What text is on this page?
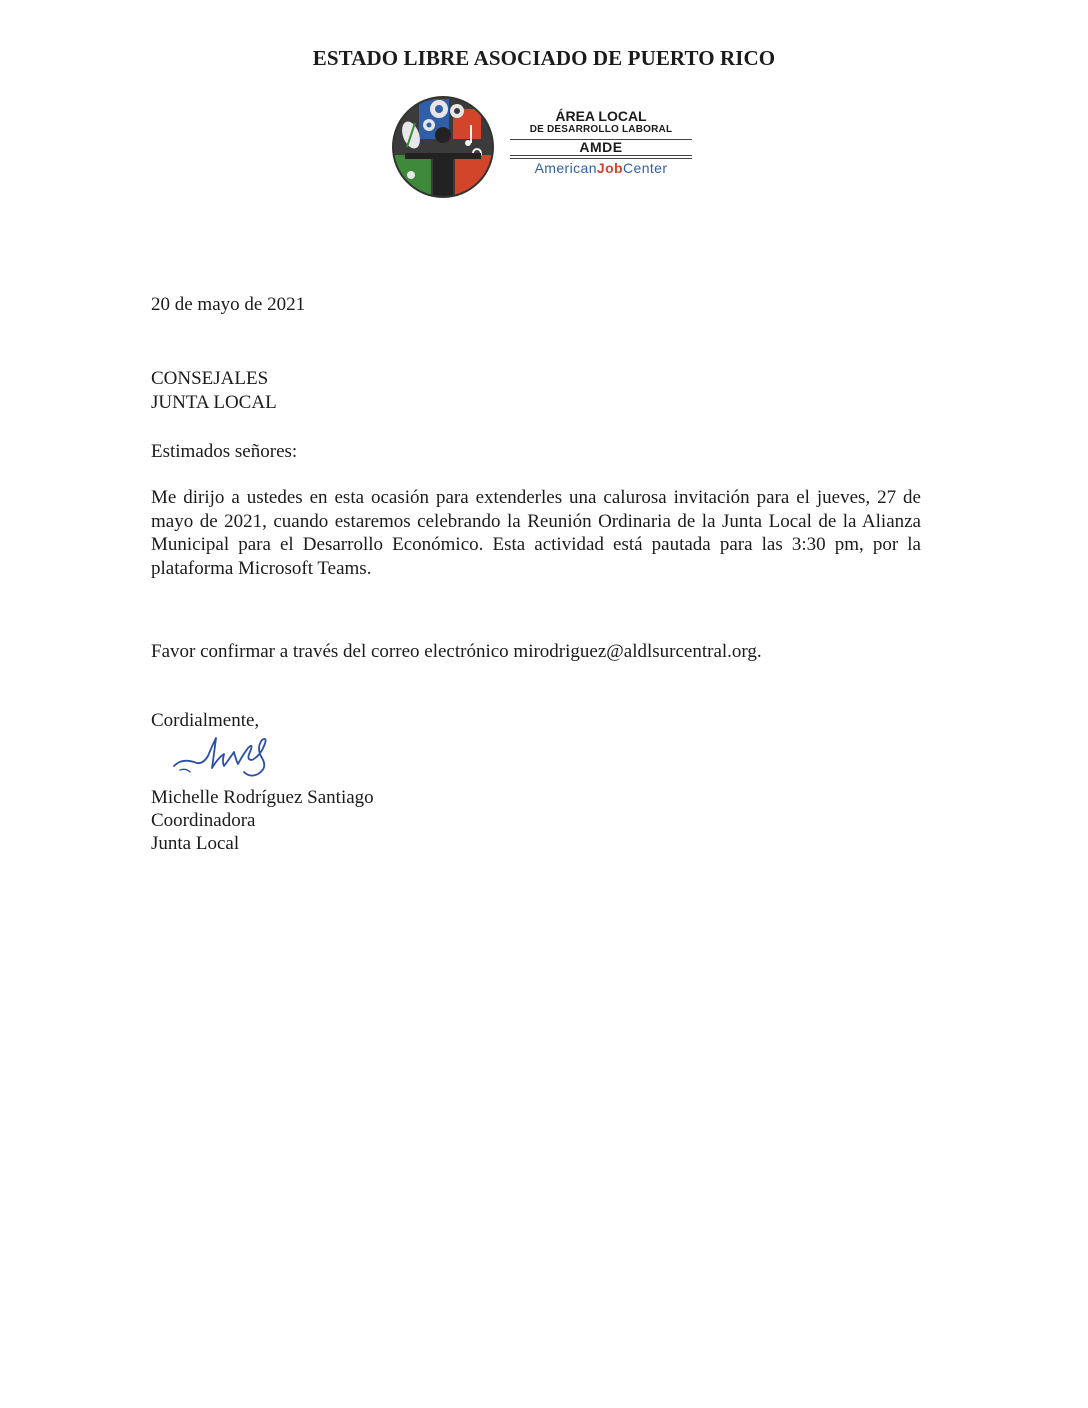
ESTADO LIBRE ASOCIADO DE PUERTO RICO
ÁREA LOCAL
DE DESARROLLO LABORAL
AMDE
AmericanJobCenter

20 de mayo de 2021

CONSEJALES

JUNTA LOCAL

Estimados señores:

Me dirijo a ustedes en esta ocasión para extenderles una calurosa invitación para el jueves, 27 de mayo de 2021, cuando estaremos celebrando la Reunión Ordinaria de la Junta Local de la Alianza Municipal para el Desarrollo Económico. Esta actividad está pautada para las 3:30 pm, por la plataforma Microsoft Teams.

Favor confirmar a través del correo electrónico mirodriguez@aldlsurcentral.org.

Cordialmente,

Michelle Rodríguez Santiago

Coordinadora

Junta Local
